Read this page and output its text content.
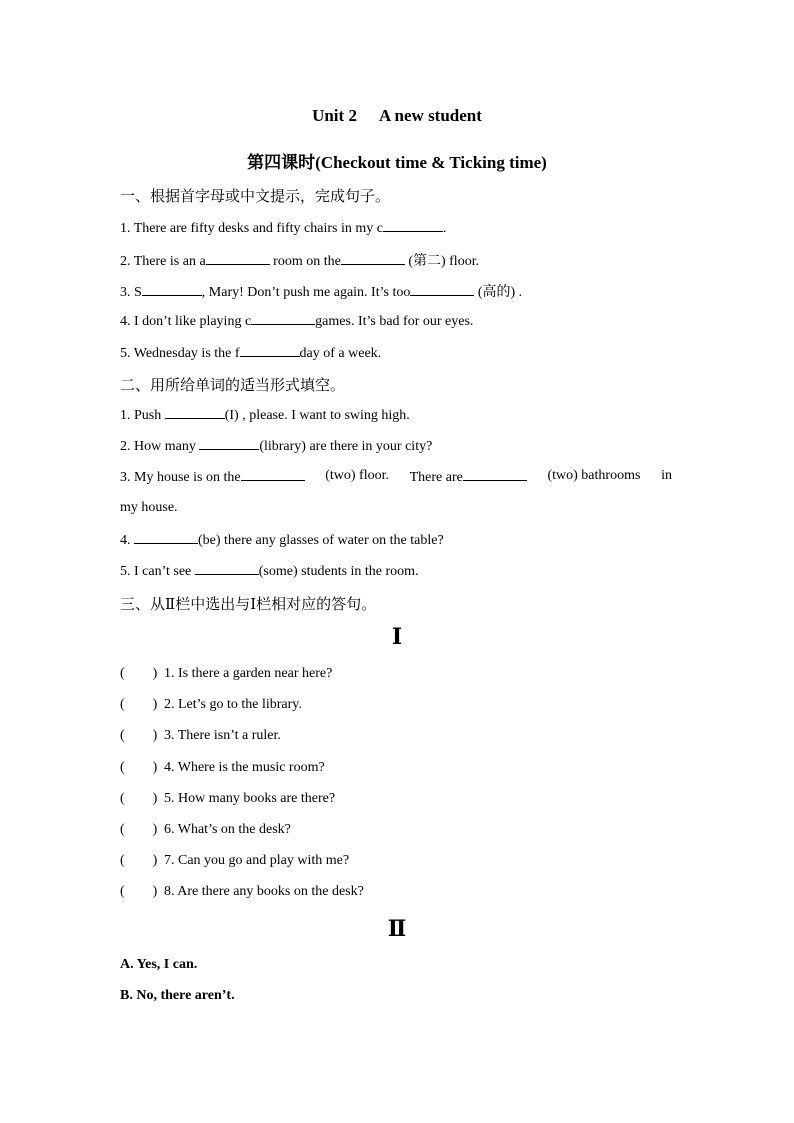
Unit 2 A new student
第四课时(Checkout time & Ticking time)
一、根据首字母或中文提示，完成句子。
1. There are fifty desks and fifty chairs in my c	.
2. There is an a	room on the	(第二) floor.
3. S	, Mary! Don’t push me again. It’s too	(高的) .
4. I don’t like playing c	games. It’s bad for our eyes.
5. Wednesday is the f	day of a week.
二、用所给单词的适当形式填空。
1. Push	(I) , please. I want to swing high.
2. How many	(library) are there in your city?
3. My house is on the	(two) floor. There are	(two) bathrooms in
my house.
4.	(be) there any glasses of water on the table?
5. I can’t see	(some) students in the room.
三、从Ⅱ栏中选出与Ⅰ栏相对应的答句。
Ⅰ
( ) 1. Is there a garden near here?
( ) 2. Let’s go to the library.
( ) 3. There isn’t a ruler.
( ) 4. Where is the music room?
( ) 5. How many books are there?
( ) 6. What’s on the desk?
( ) 7. Can you go and play with me?
( ) 8. Are there any books on the desk?
Ⅱ
A. Yes, I can.
B. No, there aren’t.
